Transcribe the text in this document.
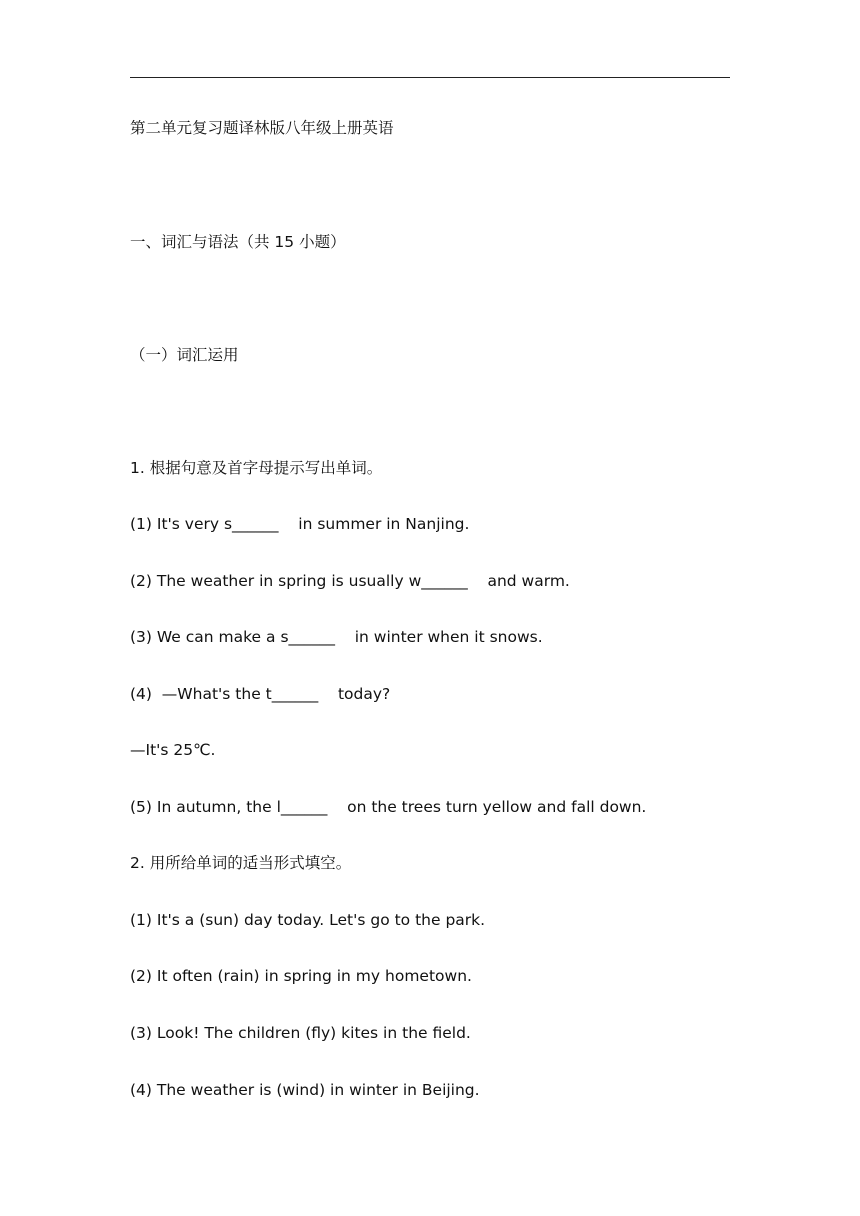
第二单元复习题译林版八年级上册英语
一、词汇与语法（共 15 小题）
（一）词汇运用
1. 根据句意及首字母提示写出单词。
(1) It's very s______    in summer in Nanjing.
(2) The weather in spring is usually w______    and warm.
(3) We can make a s______    in winter when it snows.
(4)  —What's the t______    today?
—It's 25℃.
(5) In autumn, the l______    on the trees turn yellow and fall down.
2. 用所给单词的适当形式填空。
(1) It's a (sun) day today. Let's go to the park.
(2) It often (rain) in spring in my hometown.
(3) Look! The children (fly) kites in the field.
(4) The weather is (wind) in winter in Beijing.
